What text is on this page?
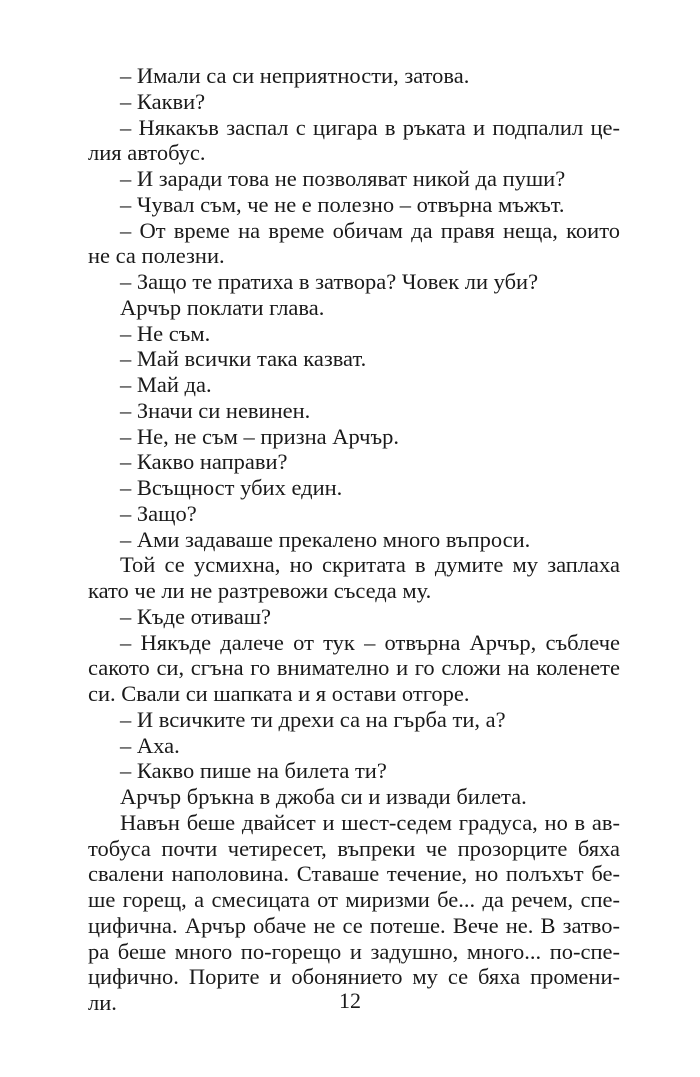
– Имали са си неприятности, затова.
– Какви?
– Някакъв заспал с цигара в ръката и подпалил це-
лия автобус.
– И заради това не позволяват никой да пуши?
– Чувал съм, че не е полезно – отвърна мъжът.
– От време на време обичам да правя неща, които
не са полезни.
– Защо те пратиха в затвора? Човек ли уби?
Арчър поклати глава.
– Не съм.
– Май всички така казват.
– Май да.
– Значи си невинен.
– Не, не съм – призна Арчър.
– Какво направи?
– Всъщност убих един.
– Защо?
– Ами задаваше прекалено много въпроси.
Той се усмихна, но скритата в думите му заплаха
като че ли не разтревожи съседа му.
– Къде отиваш?
– Някъде далече от тук – отвърна Арчър, съблече
сакото си, сгъна го внимателно и го сложи на коленете
си. Свали си шапката и я остави отгоре.
– И всичките ти дрехи са на гърба ти, а?
– Аха.
– Какво пише на билета ти?
Арчър бръкна в джоба си и извади билета.
Навън беше двайсет и шест-седем градуса, но в ав-
тобуса почти четиресет, въпреки че прозорците бяха
свалени наполовина. Ставаше течение, но полъхът бе-
ше горещ, а смесицата от миризми бе... да речем, спе-
цифична. Арчър обаче не се потеше. Вече не. В затво-
ра беше много по-горещо и задушно, много... по-спе-
цифично. Порите и обонянието му се бяха промени-
ли.	12
